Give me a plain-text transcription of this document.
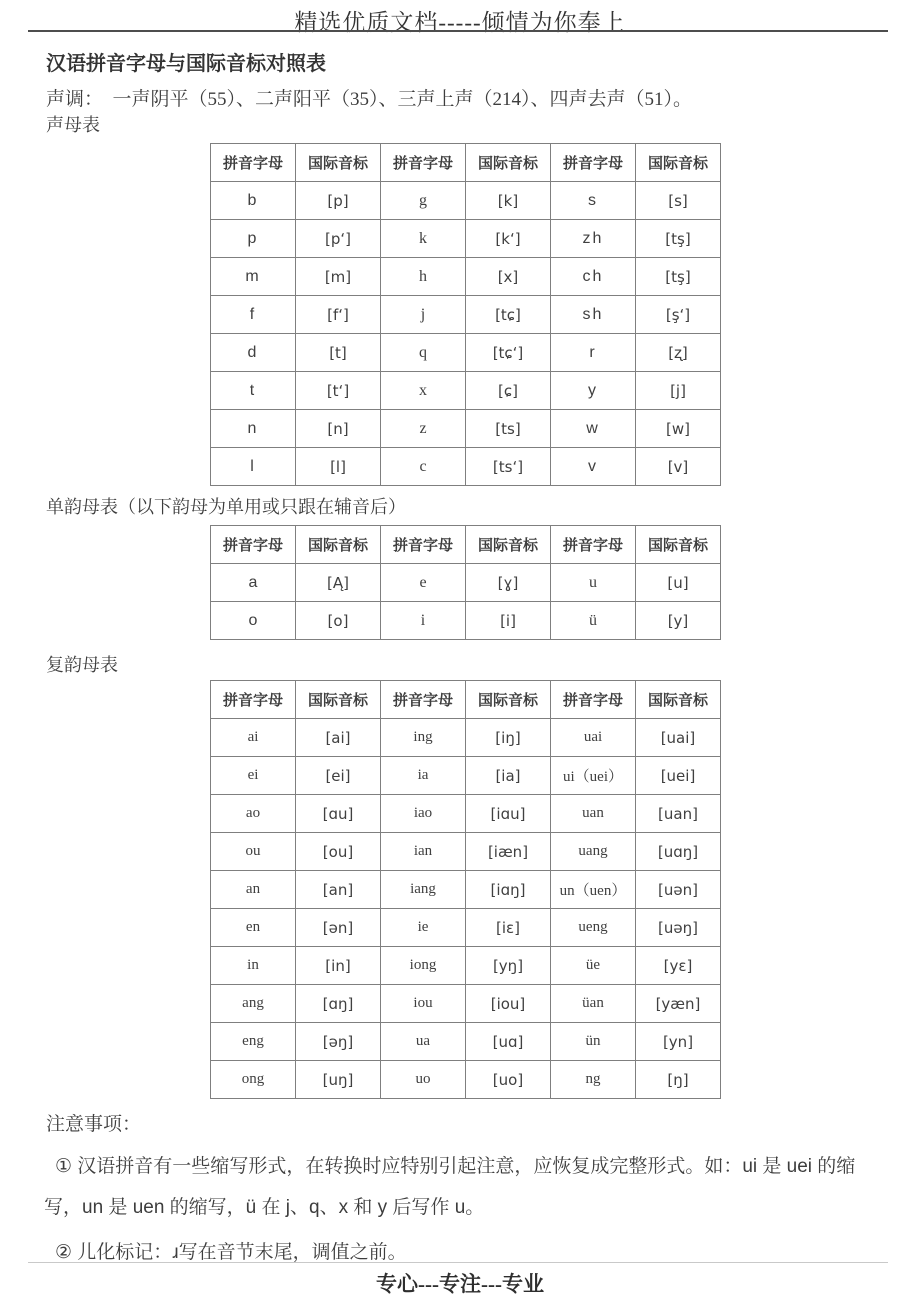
精选优质文档-----倾情为你奉上
汉语拼音字母与国际音标对照表
声调：　一声阴平（55）、二声阳平（35）、三声上声（214）、四声去声（51）。
声母表
拼音字母	国际音标	拼音字母	国际音标	拼音字母	国际音标
b	[p]	g	[k]	s	[s]
p	[p‘]	k	[k‘]	zh	[tş]
m	[m]	h	[x]	ch	[tş]
f	[f‘]	j	[tɕ]	sh	[ş‘]
d	[t]	q	[tɕ‘]	r	[ʐ]
t	[t‘]	x	[ɕ]	y	[j]
n	[n]	z	[ts]	w	[w]
l	[l]	c	[ts‘]	v	[v]
单韵母表（以下韵母为单用或只跟在辅音后）
拼音字母	国际音标	拼音字母	国际音标	拼音字母	国际音标
a	[Ą]	e	[ɣ]	u	[u]
o	[o]	i	[i]	ü	[y]
复韵母表
拼音字母	国际音标	拼音字母	国际音标	拼音字母	国际音标
ai	[ai]	ing	[iŋ]	uai	[uai]
ei	[ei]	ia	[ia]	ui（uei）	[uei]
ao	[ɑu]	iao	[iɑu]	uan	[uan]
ou	[ou]	ian	[iæn]	uang	[uɑŋ]
an	[an]	iang	[iɑŋ]	un（uen）	[uən]
en	[ən]	ie	[iɛ]	ueng	[uəŋ]
in	[in]	iong	[yŋ]	üe	[yɛ]
ang	[ɑŋ]	iou	[iou]	üan	[yæn]
eng	[əŋ]	ua	[uɑ]	ün	[yn]
ong	[uŋ]	uo	[uo]	ng	[ŋ]
注意事项：
① 汉语拼音有一些缩写形式，在转换时应特别引起注意，应恢复成完整形式。如：ui 是 uei 的缩写，un 是 uen 的缩写，ü 在 j、q、x 和 y 后写作 u。
② 儿化标记：ɹ写在音节末尾，调值之前。
专心---专注---专业
